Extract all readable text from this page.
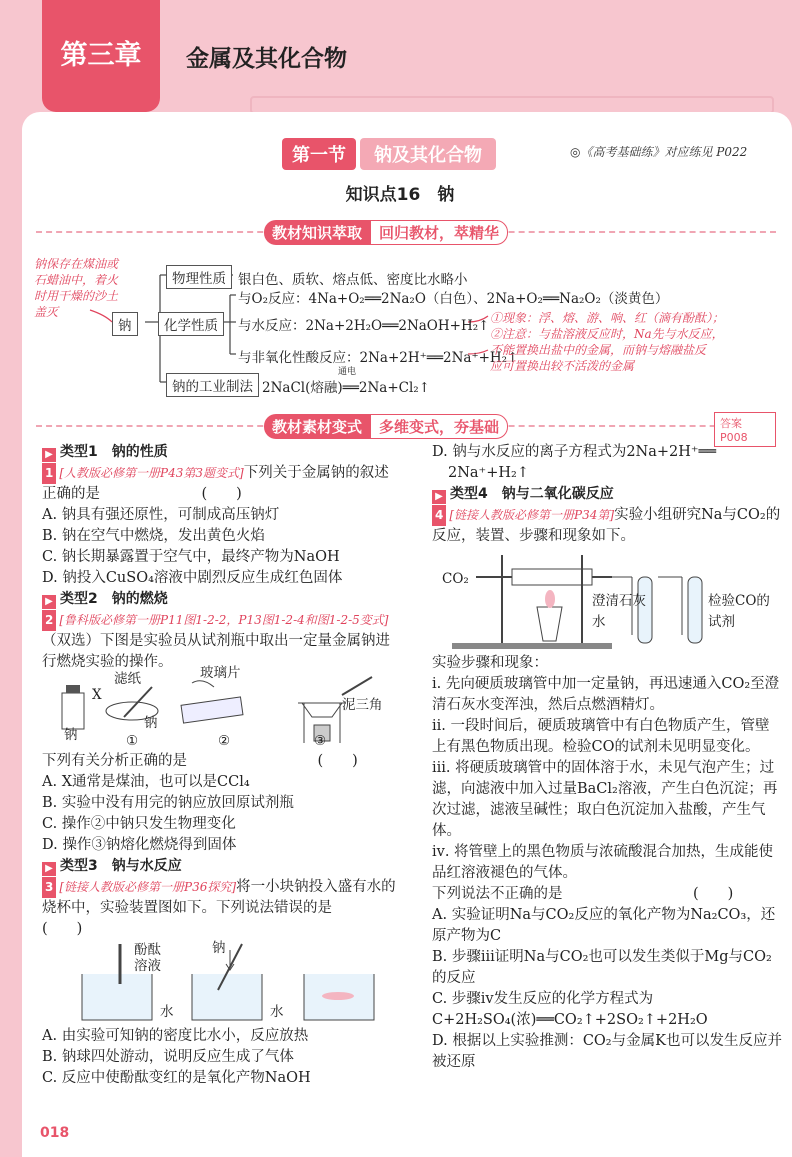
第三章	金属及其化合物
第一节	钠及其化合物	◎《高考基础练》对应练见 P022
知识点16　钠
教材知识萃取	回归教材，萃精华
钠保存在煤油或
石蜡油中，着火
时用干燥的沙土
盖灭
钠
物理性质 银白色、质软、熔点低、密度比水略小
化学性质
与O₂反应：4Na+O₂══2Na₂O（白色）、2Na+O₂══Na₂O₂（淡黄色）
与水反应：2Na+2H₂O══2NaOH+H₂↑
与非氧化性酸反应：2Na+2H⁺══2Na⁺+H₂↑
①现象：浮、熔、游、响、红（滴有酚酞）；
②注意：与盐溶液反应时，Na先与水反应，
不能置换出盐中的金属，而钠与熔融盐反
应可置换出较不活泼的金属
钠的工业制法 2NaCl(熔融)══2Na+Cl₂↑
通电
教材素材变式	多维变式，夯基础	答案 P008
▶ 类型1　钠的性质
1 [人教版必修第一册P43第3题变式]下列关于金属钠的叙述正确的是　　　　　　　(　　)
A. 钠具有强还原性，可制成高压钠灯
B. 钠在空气中燃烧，发出黄色火焰
C. 钠长期暴露置于空气中，最终产物为NaOH
D. 钠投入CuSO₄溶液中剧烈反应生成红色固体
▶ 类型2　钠的燃烧
2 [鲁科版必修第一册P11图1-2-2，P13图1-2-4和图1-2-5变式]（双选）下图是实验员从试剂瓶中取出一定量金属钠进行燃烧实验的操作。
滤纸	玻璃片
泥三角
X
钠
钠
①	②	③
下列有关分析正确的是　　　　　　　　　(　　)
A. X通常是煤油，也可以是CCl₄
B. 实验中没有用完的钠应放回原试剂瓶
C. 操作②中钠只发生物理变化
D. 操作③钠熔化燃烧得到固体
▶ 类型3　钠与水反应
3 [链接人教版必修第一册P36探究]将一小块钠投入盛有水的烧杯中，实验装置图如下。下列说法错误的是　　　　　　　　　　　　(　　)
酚酞
溶液
钠
水	水
A. 由实验可知钠的密度比水小，反应放热
B. 钠球四处游动，说明反应生成了气体
C. 反应中使酚酞变红的是氧化产物NaOH
D. 钠与水反应的离子方程式为2Na+2H⁺══
2Na⁺+H₂↑
▶ 类型4　钠与二氧化碳反应
4 [链接人教版必修第一册P34第]实验小组研究Na与CO₂的反应，装置、步骤和现象如下。
CO₂
澄清石灰水
检验CO的试剂
实验步骤和现象：
ⅰ. 先向硬质玻璃管中加一定量钠，再迅速通入CO₂至澄清石灰水变浑浊，然后点燃酒精灯。
ⅱ. 一段时间后，硬质玻璃管中有白色物质产生，管壁上有黑色物质出现。检验CO的试剂未见明显变化。
ⅲ. 将硬质玻璃管中的固体溶于水，未见气泡产生；过滤，向滤液中加入过量BaCl₂溶液，产生白色沉淀；再次过滤，滤液呈碱性；取白色沉淀加入盐酸，产生气体。
ⅳ. 将管壁上的黑色物质与浓硫酸混合加热，生成能使品红溶液褪色的气体。
下列说法不正确的是　　　　　　　　　(　　)
A. 实验证明Na与CO₂反应的氧化产物为Na₂CO₃，还原产物为C
B. 步骤ⅲ证明Na与CO₂也可以发生类似于Mg与CO₂的反应
C. 步骤ⅳ发生反应的化学方程式为C+2H₂SO₄(浓)══CO₂↑+2SO₂↑+2H₂O
D. 根据以上实验推测：CO₂与金属K也可以发生反应并被还原
018
